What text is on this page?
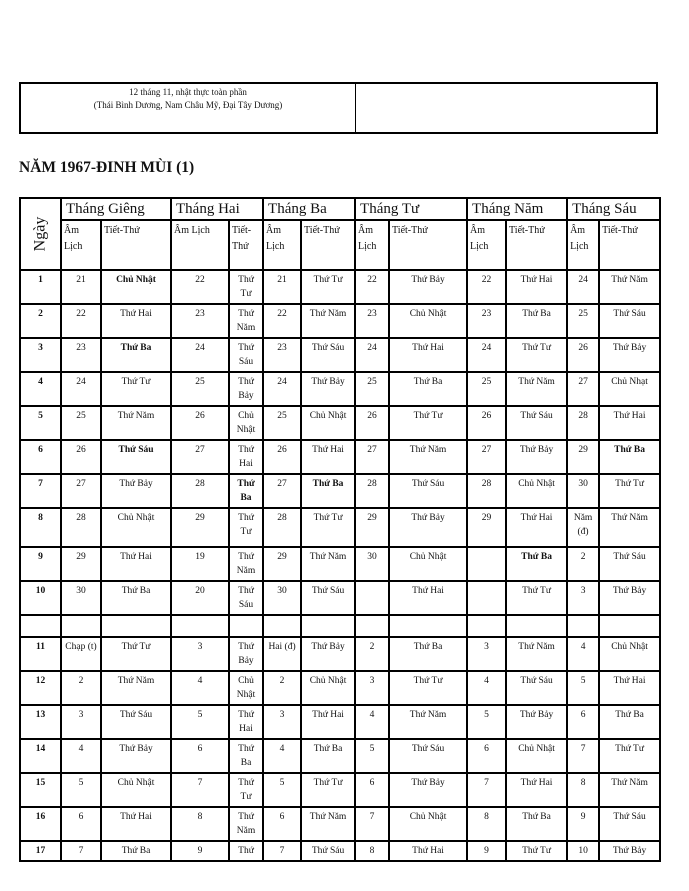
12 tháng 11, nhật thực toàn phần
(Thái Bình Dương, Nam Châu Mỹ, Đại Tây Dương)
NĂM 1967-ĐINH MÙI (1)
Ngày	Tháng Giêng		Tháng Hai		Tháng Ba		Tháng Tư		Tháng Năm		Tháng Sáu	
	Âm Lịch	Tiết-Thứ	Âm Lịch	Tiết-Thứ	Âm Lịch	Tiết-Thứ	Âm Lịch	Tiết-Thứ	Âm Lịch	Tiết-Thứ	Âm Lịch	Tiết-Thứ
1	21	Chủ Nhật	22	Thứ Tư	21	Thứ Tư	22	Thứ Bảy	22	Thứ Hai	24	Thứ Năm
2	22	Thứ Hai	23	Thứ Năm	22	Thứ Năm	23	Chủ Nhật	23	Thứ Ba	25	Thứ Sáu
3	23	Thứ Ba	24	Thứ Sáu	23	Thứ Sáu	24	Thứ Hai	24	Thứ Tư	26	Thứ Bảy
4	24	Thứ Tư	25	Thứ Bảy	24	Thứ Bảy	25	Thứ Ba	25	Thứ Năm	27	Chủ Nhạt
5	25	Thứ Năm	26	Chủ Nhật	25	Chủ Nhật	26	Thứ Tư	26	Thứ Sáu	28	Thứ Hai
6	26	Thứ Sáu	27	Thứ Hai	26	Thứ Hai	27	Thứ Năm	27	Thứ Bảy	29	Thứ Ba
7	27	Thứ Bảy	28	Thứ Ba	27	Thứ Ba	28	Thứ Sáu	28	Chủ Nhật	30	Thứ Tư
8	28	Chủ Nhật	29	Thứ Tư	28	Thứ Tư	29	Thứ Bảy	29	Thứ Hai	Năm (đ)	Thứ Năm
9	29	Thứ Hai	19	Thứ Năm	29	Thứ Năm	30	Chủ Nhật		Thứ Ba	2	Thứ Sáu
10	30	Thứ Ba	20	Thứ Sáu	30	Thứ Sáu		Thứ Hai		Thứ Tư	3	Thứ Bảy

11	Chạp (t)	Thứ Tư	3	Thứ Bảy	Hai (đ)	Thứ Bảy	2	Thứ Ba	3	Thứ Năm	4	Chủ Nhật
12	2	Thứ Năm	4	Chủ Nhật	2	Chủ Nhật	3	Thứ Tư	4	Thứ Sáu	5	Thứ Hai
13	3	Thứ Sáu	5	Thứ Hai	3	Thứ Hai	4	Thứ Năm	5	Thứ Bảy	6	Thứ Ba
14	4	Thứ Bảy	6	Thứ Ba	4	Thứ Ba	5	Thứ Sáu	6	Chủ Nhật	7	Thứ Tư
15	5	Chủ Nhật	7	Thứ Tư	5	Thứ Tư	6	Thứ Bảy	7	Thứ Hai	8	Thứ Năm
16	6	Thứ Hai	8	Thứ Năm	6	Thứ Năm	7	Chủ Nhật	8	Thứ Ba	9	Thứ Sáu
17	7	Thứ Ba	9	Thứ	7	Thứ Sáu	8	Thứ Hai	9	Thứ Tư	10	Thứ Bảy
